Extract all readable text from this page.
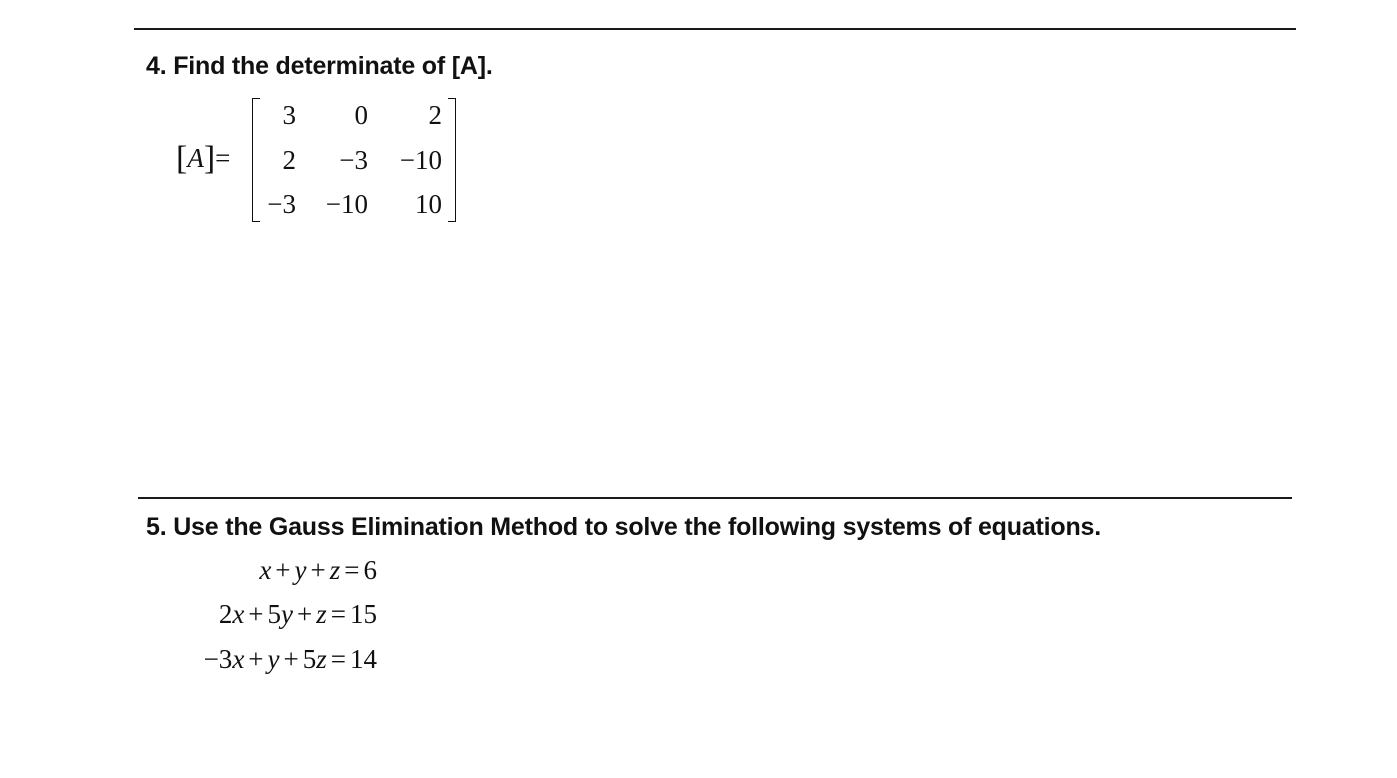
4. Find the determinate of [A].
[A]=
3	0	2
2	−3	−10
−3	−10	10
5. Use the Gauss Elimination Method to solve the following systems of equations.
x + y + z = 6
2x + 5y + z = 15
−3x + y + 5z = 14
